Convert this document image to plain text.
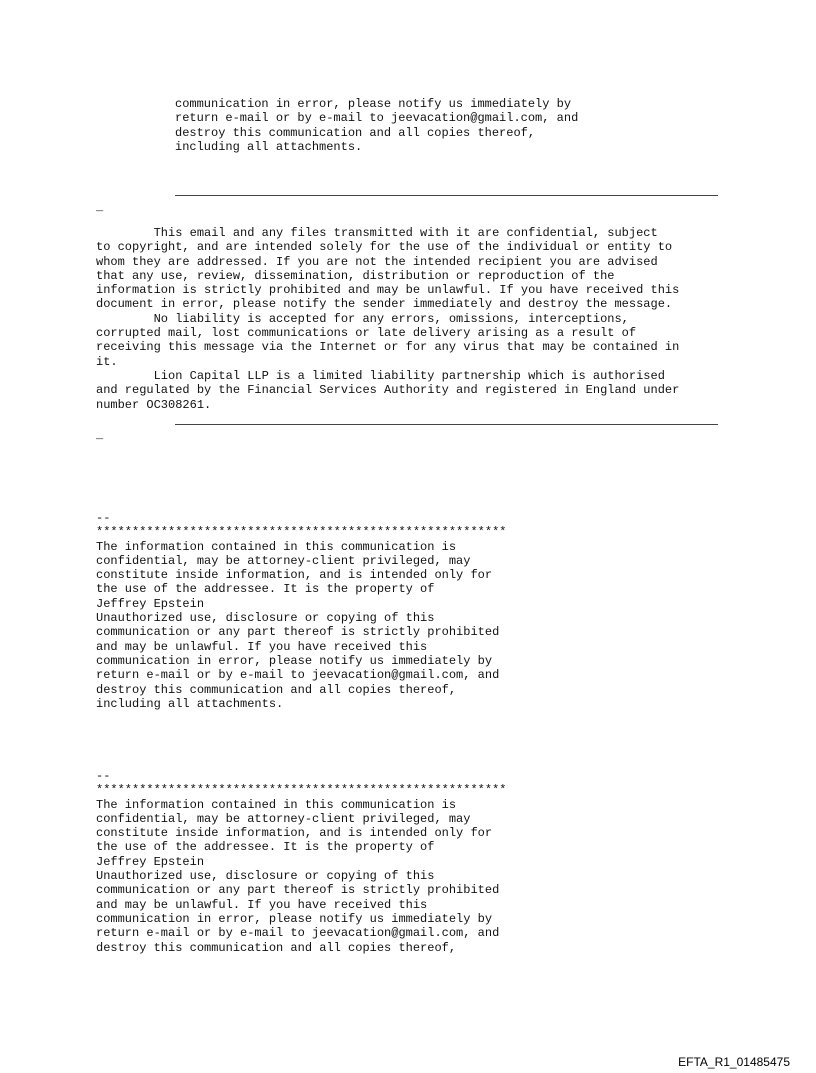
communication in error, please notify us immediately by
return e-mail or by e-mail to jeevacation@gmail.com, and
destroy this communication and all copies thereof,
including all attachments.
_
This email and any files transmitted with it are confidential, subject
to copyright, and are intended solely for the use of the individual or entity to
whom they are addressed. If you are not the intended recipient you are advised
that any use, review, dissemination, distribution or reproduction of the
information is strictly prohibited and may be unlawful. If you have received this
document in error, please notify the sender immediately and destroy the message.
No liability is accepted for any errors, omissions, interceptions,
corrupted mail, lost communications or late delivery arising as a result of
receiving this message via the Internet or for any virus that may be contained in
it.
Lion Capital LLP is a limited liability partnership which is authorised
and regulated by the Financial Services Authority and registered in England under
number OC308261.
_
--
*********************************************************
The information contained in this communication is
confidential, may be attorney-client privileged, may
constitute inside information, and is intended only for
the use of the addressee. It is the property of
Jeffrey Epstein
Unauthorized use, disclosure or copying of this
communication or any part thereof is strictly prohibited
and may be unlawful. If you have received this
communication in error, please notify us immediately by
return e-mail or by e-mail to jeevacation@gmail.com, and
destroy this communication and all copies thereof,
including all attachments.
--
*********************************************************
The information contained in this communication is
confidential, may be attorney-client privileged, may
constitute inside information, and is intended only for
the use of the addressee. It is the property of
Jeffrey Epstein
Unauthorized use, disclosure or copying of this
communication or any part thereof is strictly prohibited
and may be unlawful. If you have received this
communication in error, please notify us immediately by
return e-mail or by e-mail to jeevacation@gmail.com, and
destroy this communication and all copies thereof,
EFTA_R1_01485475
